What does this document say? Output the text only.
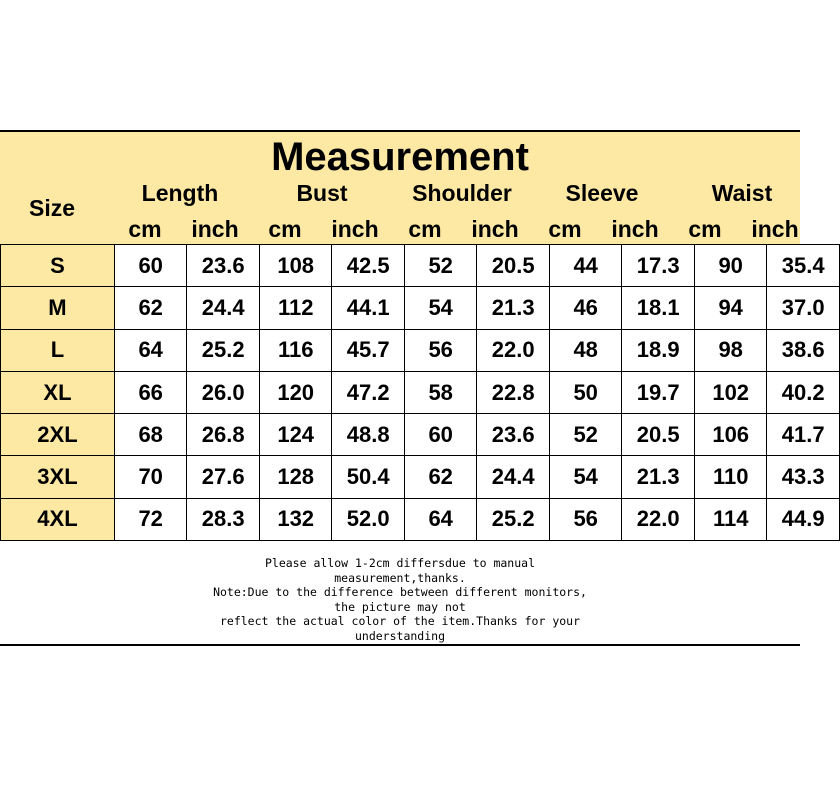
Measurement
Size
Length	Bust	Shoulder	Sleeve	Waist
cm	inch	cm	inch	cm	inch	cm	inch	cm	inch
S	60	23.6	108	42.5	52	20.5	44	17.3	90	35.4
M	62	24.4	112	44.1	54	21.3	46	18.1	94	37.0
L	64	25.2	116	45.7	56	22.0	48	18.9	98	38.6
XL	66	26.0	120	47.2	58	22.8	50	19.7	102	40.2
2XL	68	26.8	124	48.8	60	23.6	52	20.5	106	41.7
3XL	70	27.6	128	50.4	62	24.4	54	21.3	110	43.3
4XL	72	28.3	132	52.0	64	25.2	56	22.0	114	44.9
Please allow 1-2cm differsdue to manual
measurement,thanks.
Note:Due to the difference between different monitors,
the picture may not
reflect the actual color of the item.Thanks for your
understanding
